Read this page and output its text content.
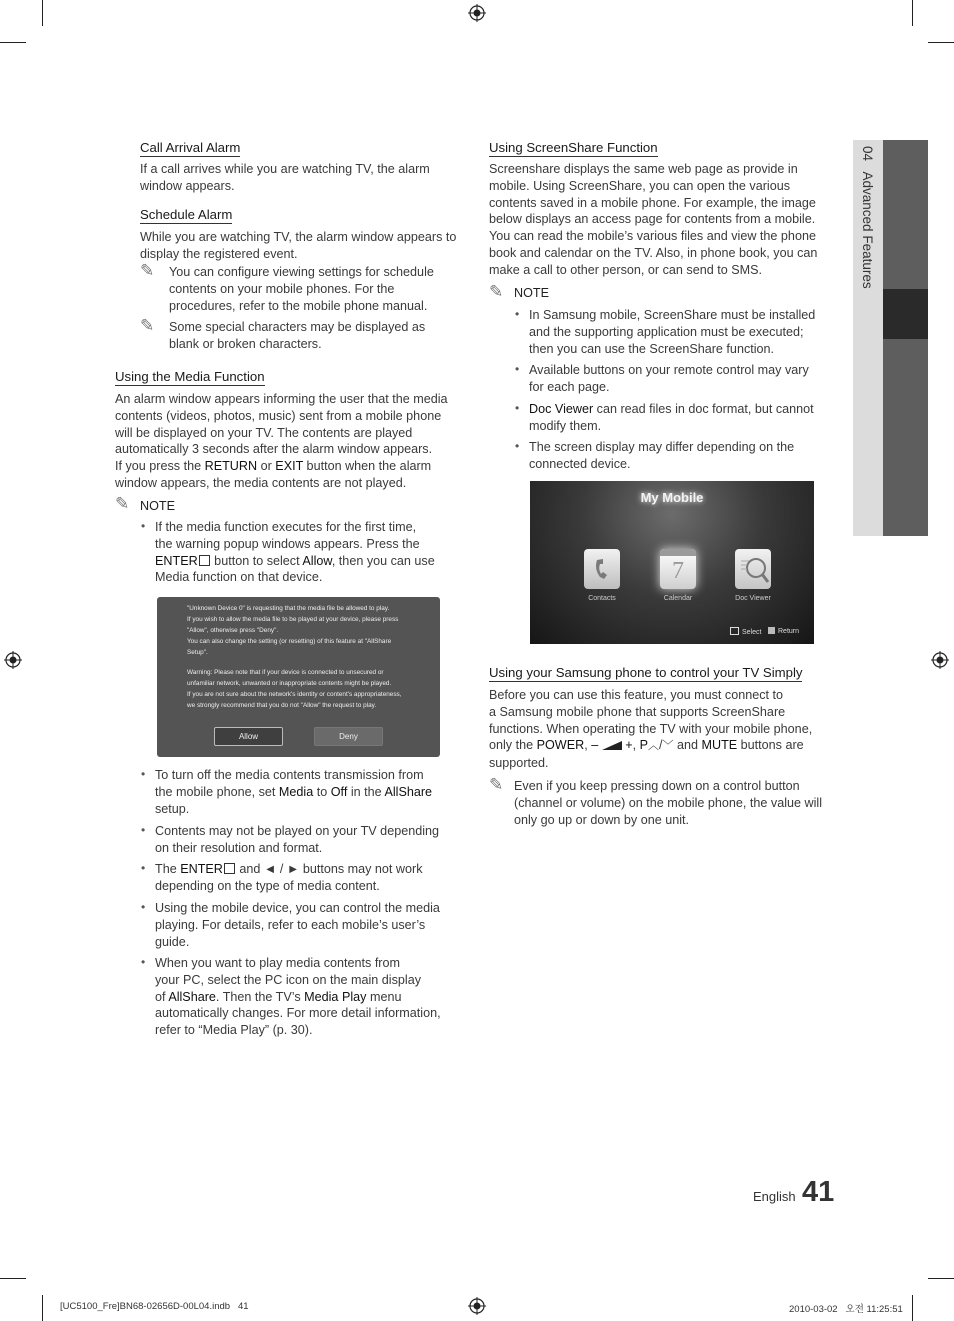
04   Advanced Features
Call Arrival Alarm

If a call arrives while you are watching TV, the alarm

window appears.

Schedule Alarm

While you are watching TV, the alarm window appears to

display the registered event.

✎ You can configure viewing settings for schedule

contents on your mobile phones. For the

procedures, refer to the mobile phone manual.

✎ Some special characters may be displayed as

blank or broken characters.

Using the Media Function

An alarm window appears informing the user that the media

contents (videos, photos, music) sent from a mobile phone

will be displayed on your TV. The contents are played

automatically 3 seconds after the alarm window appears.

If you press the RETURN or EXIT button when the alarm

window appears, the media contents are not played.

✎ NOTE
• If the media function executes for the first time,
the warning popup windows appears. Press the
ENTER button to select Allow, then you can use
Media function on that device.
"Unknown Device 0" is requesting that the media file be allowed to play.
If you wish to allow the media file to be played at your device, please press
"Allow", otherwise press "Deny".
You can also change the setting (or resetting) of this feature at "AllShare
Setup".
Warning: Please note that if your device is connected to unsecured or
unfamiliar network, unwanted or inappropriate contents might be played.
If you are not sure about the network's identity or content's appropriateness,
we strongly recommend that you do not "Allow" the request to play.
Allow	Deny
• To turn off the media contents transmission from
the mobile phone, set Media to Off in the AllShare
setup.
• Contents may not be played on your TV depending
on their resolution and format.
• The ENTER and ◄ / ► buttons may not work
depending on the type of media content.
• Using the mobile device, you can control the media
playing. For details, refer to each mobile’s user’s
guide.
• When you want to play media contents from
your PC, select the PC icon on the main display
of AllShare. Then the TV’s Media Play menu
automatically changes. For more detail information,
refer to “Media Play” (p. 30).
Using ScreenShare Function

Screenshare displays the same web page as provide in

mobile. Using ScreenShare, you can open the various

contents saved in a mobile phone. For example, the image

below displays an access page for contents from a mobile.

You can read the mobile’s various files and view the phone

book and calendar on the TV. Also, in phone book, you can

make a call to other person, or can send to SMS.

✎ NOTE
• In Samsung mobile, ScreenShare must be installed
and the supporting application must be executed;
then you can use the ScreenShare function.
• Available buttons on your remote control may vary
for each page.
• Doc Viewer can read files in doc format, but cannot
modify them.
• The screen display may differ depending on the
connected device.
My Mobile
7
Contacts	Calendar	Doc Viewer
Select	Return
Using your Samsung phone to control your TV Simply

Before you can use this feature, you must connect to

a Samsung mobile phone that supports ScreenShare

functions. When operating the TV with your mobile phone,

only the POWER, – +, P︿/﹀ and MUTE buttons are

supported.

✎ Even if you keep pressing down on a control button

(channel or volume) on the mobile phone, the value will

only go up or down by one unit.

English 41
[UC5100_Fre]BN68-02656D-00L04.indb   41	2010-03-02   오전 11:25:51
